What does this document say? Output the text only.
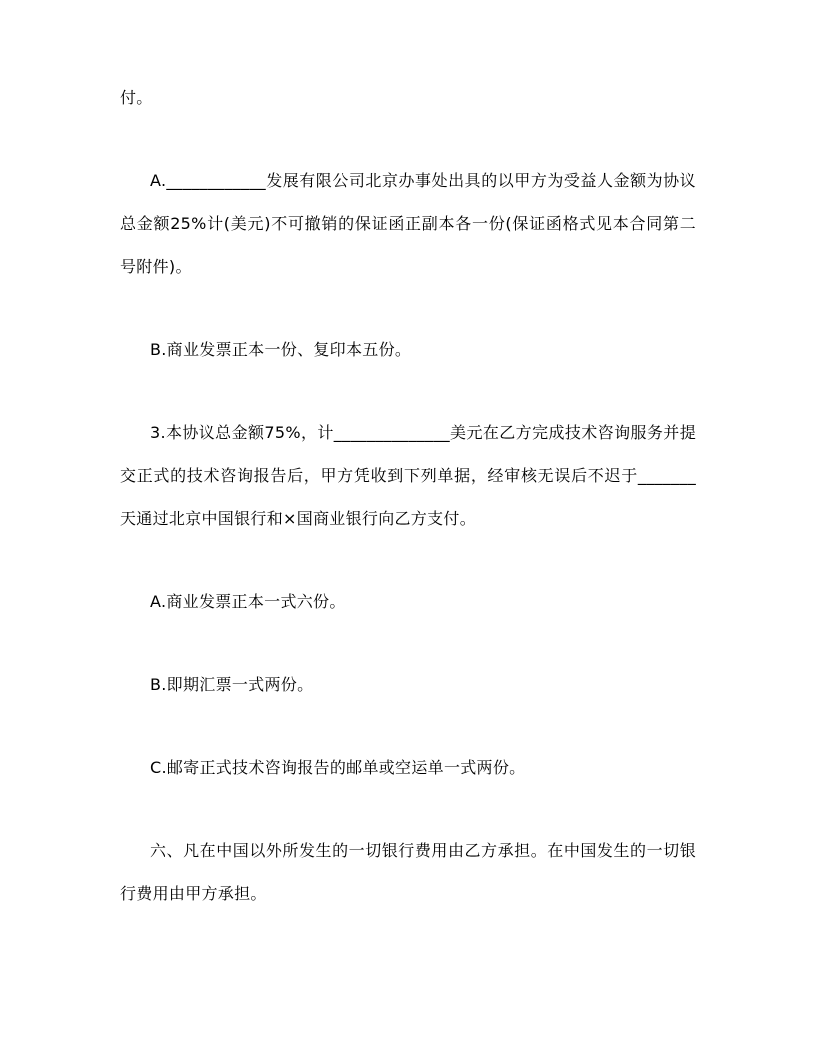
付。

A.____________发展有限公司北京办事处出具的以甲方为受益人金额为协议总金额25%计(美元)不可撤销的保证函正副本各一份(保证函格式见本合同第二号附件)。

B.商业发票正本一份、复印本五份。

3.本协议总金额75%，计______________美元在乙方完成技术咨询服务并提交正式的技术咨询报告后，甲方凭收到下列单据，经审核无误后不迟于_______天通过北京中国银行和×国商业银行向乙方支付。

A.商业发票正本一式六份。

B.即期汇票一式两份。

C.邮寄正式技术咨询报告的邮单或空运单一式两份。

六、凡在中国以外所发生的一切银行费用由乙方承担。在中国发生的一切银行费用由甲方承担。
